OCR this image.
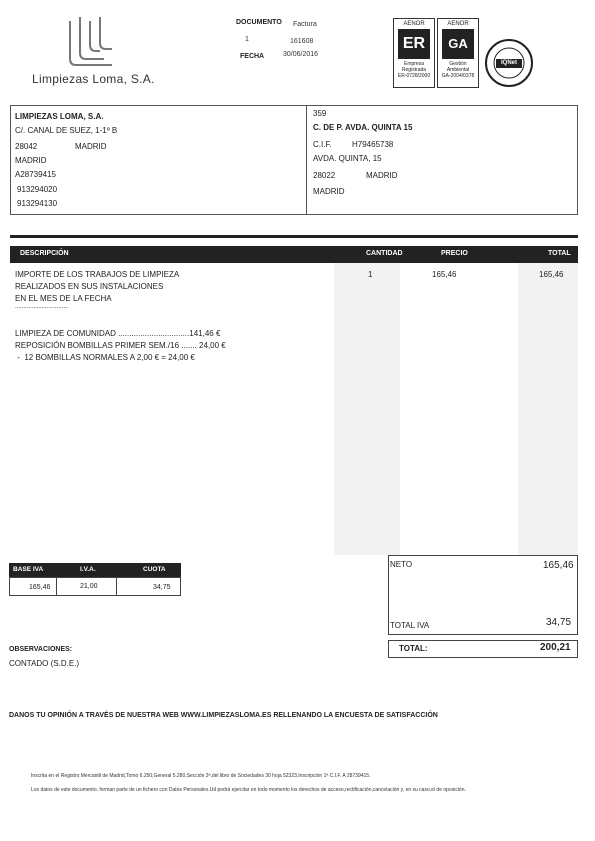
Limpiezas Loma, S.A.
DOCUMENTO Factura
1	161608
FECHA	30/06/2016
AENOR
ER
Empresa Registrada
ER-0728/2000
AENOR
GA
Gestión Ambiental
GA-2004/0378
IQNet
LIMPIEZAS LOMA, S.A.
C/. CANAL DE SUEZ, 1-1º B
28042	MADRID
MADRID
A28739415
913294020
913294130
359
C. DE P. AVDA. QUINTA 15
C.I.F.	H79465738
AVDA. QUINTA, 15
28022	MADRID
MADRID
DESCRIPCIÓN	CANTIDAD	PRECIO	TOTAL
IMPORTE DE LOS TRABAJOS DE LIMPIEZA
REALIZADOS EN SUS INSTALACIONES
EN EL MES DE LA FECHA
................................
1	165,46	165,46
LIMPIEZA DE COMUNIDAD ................................141,46 €
REPOSICIÓN BOMBILLAS PRIMER SEM./16 ....... 24,00 €
-  12 BOMBILLAS NORMALES A 2,00 € = 24,00 €
BASE IVA	I.V.A.	CUOTA
165,46	21,00	34,75
NETO	165,46
TOTAL IVA	34,75
TOTAL:	200,21
OBSERVACIONES:
CONTADO (S.D.E.)
DANOS TU OPINIÓN A TRAVÉS DE NUESTRA WEB WWW.LIMPIEZASLOMA.ES RELLENANDO LA ENCUESTA DE SATISFACCIÓN
Inscrita en el Registro Mercantil de Madrid,Tomo 6.250,General 5.280,Sección 3ª,del libro de Sociedades 30 hoja 52323,Inscripción 1ª C.I.F. A 28739415.
Los datos de este documento, forman parte de un fichero con Datos Personales.Ud podrá ejercitar en todo momento los derechos de acceso,rectificación,cancelación y, en su caso,el de oposición.
